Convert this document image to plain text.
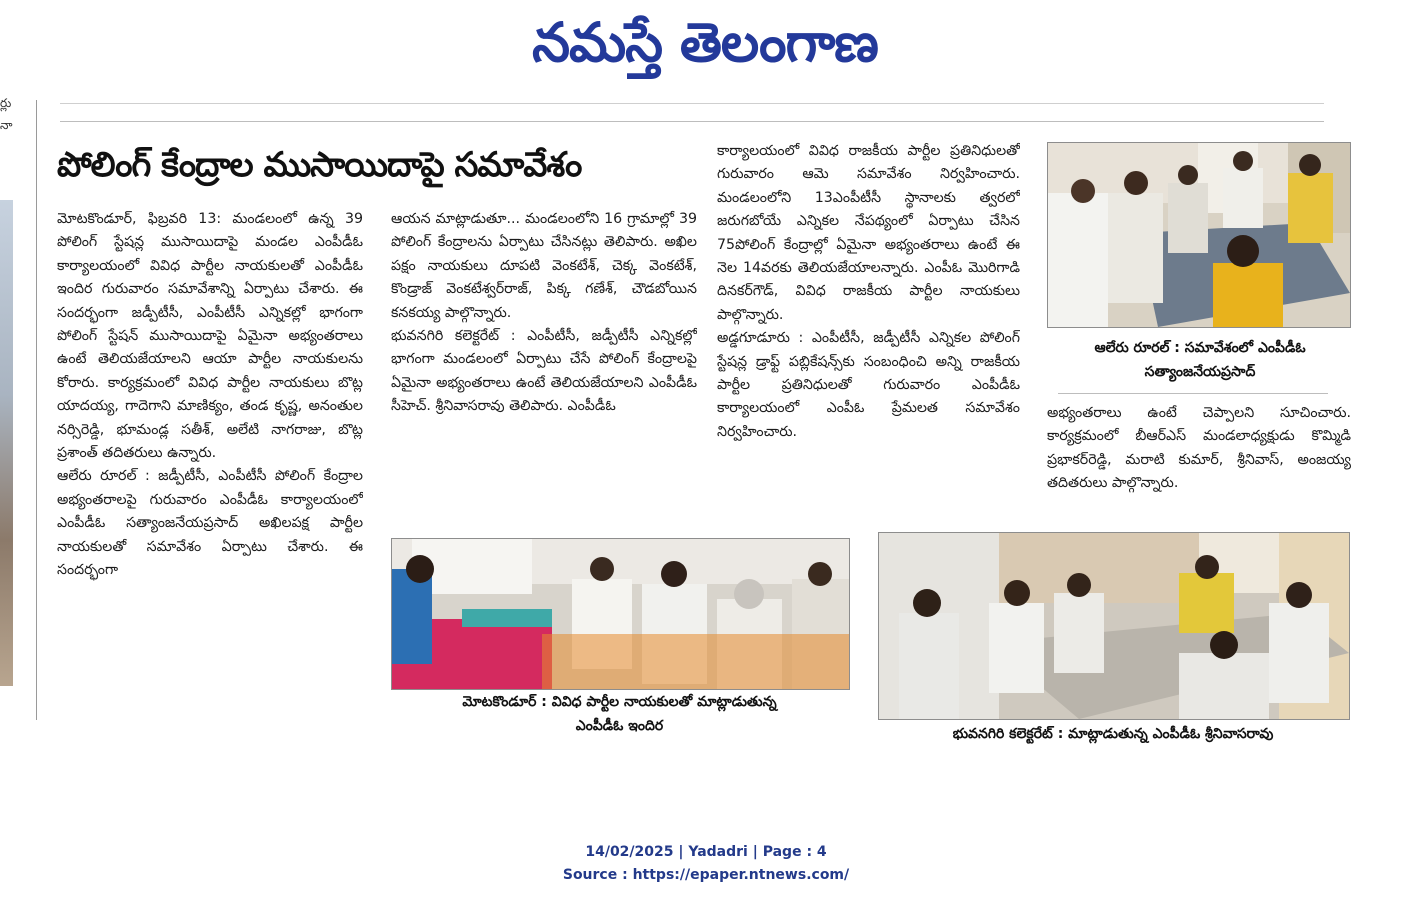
నమస్తే తెలంగాణ
ర్లు
నా
పోలింగ్ కేంద్రాల ముసాయిదాపై సమావేశం

మోటకొండూర్, ఫిబ్రవరి 13: మండలంలో ఉన్న 39 పోలింగ్ స్టేషన్ల ముసాయిదాపై మండల ఎంపీడీఓ కార్యాలయంలో వివిధ పార్టీల నాయకులతో ఎంపీడీఓ ఇందిర గురువారం సమావేశాన్ని ఏర్పాటు చేశారు. ఈ సందర్భంగా జడ్పీటీసీ, ఎంపీటీసీ ఎన్నికల్లో భాగంగా పోలింగ్ స్టేషన్ ముసాయిదాపై ఏమైనా అభ్యంతరాలు ఉంటే తెలియజేయాలని ఆయా పార్టీల నాయకులను కోరారు. కార్యక్రమంలో వివిధ పార్టీల నాయకులు బొట్ల యాదయ్య, గాదెగాని మాణిక్యం, తండ కృష్ణ, అనంతుల నర్సిరెడ్డి, భూమండ్ల సతీశ్, అలేటి నాగరాజు, బొట్ల ప్రశాంత్ తదితరులు ఉన్నారు.

ఆలేరు రూరల్ : జడ్పీటీసీ, ఎంపీటీసీ పోలింగ్ కేంద్రాల అభ్యంతరాలపై గురువారం ఎంపీడీఓ కార్యాలయంలో ఎంపీడీఓ సత్యాంజనేయప్రసాద్ అఖిలపక్ష పార్టీల నాయకులతో సమావేశం ఏర్పాటు చేశారు. ఈ సందర్భంగా

ఆయన మాట్లాడుతూ... మండలంలోని 16 గ్రామాల్లో 39 పోలింగ్ కేంద్రాలను ఏర్పాటు చేసినట్లు తెలిపారు. అఖిల పక్షం నాయకులు దూపటి వెంకటేశ్, చెక్క వెంకటేశ్, కొండ్రాజ్ వెంకటేశ్వర్‌రాజ్, పిక్క గణేశ్, చౌడబోయిన కనకయ్య పాల్గొన్నారు.

భువనగిరి కలెక్టరేట్ : ఎంపీటీసీ, జడ్పీటీసీ ఎన్నికల్లో భాగంగా మండలంలో ఏర్పాటు చేసే పోలింగ్ కేంద్రాలపై ఏమైనా అభ్యంతరాలు ఉంటే తెలియజేయాలని ఎంపీడీఓ సీహెచ్. శ్రీనివాసరావు తెలిపారు. ఎంపీడీఓ

కార్యాలయంలో వివిధ రాజకీయ పార్టీల ప్రతినిధులతో గురువారం ఆమె సమావేశం నిర్వహించారు. మండలంలోని 13ఎంపీటీసీ స్థానాలకు త్వరలో జరుగబోయే ఎన్నికల నేపథ్యంలో ఏర్పాటు చేసిన 75పోలింగ్ కేంద్రాల్లో ఏమైనా అభ్యంతరాలు ఉంటే ఈ నెల 14వరకు తెలియజేయాలన్నారు. ఎంపీఓ మొరిగాడి దినకర్‌గౌడ్, వివిధ రాజకీయ పార్టీల నాయకులు పాల్గొన్నారు.

అడ్డగూడూరు : ఎంపీటీసీ, జడ్పీటీసీ ఎన్నికల పోలింగ్ స్టేషన్ల డ్రాఫ్ట్ పబ్లికేషన్స్‌కు సంబంధించి అన్ని రాజకీయ పార్టీల ప్రతినిధులతో గురువారం ఎంపీడీఓ కార్యాలయంలో ఎంపీఓ ప్రేమలత సమావేశం నిర్వహించారు.

అభ్యంతరాలు ఉంటే చెప్పాలని సూచించారు. కార్యక్రమంలో బీఆర్ఎస్ మండలాధ్యక్షుడు కొమ్మిడి ప్రభాకర్‌రెడ్డి, మరాటి కుమార్, శ్రీనివాస్, అంజయ్య తదితరులు పాల్గొన్నారు.

ఆలేరు రూరల్ : సమావేశంలో ఎంపీడీఓ
సత్యాంజనేయప్రసాద్
మోటకొండూర్ : వివిధ పార్టీల నాయకులతో మాట్లాడుతున్న
ఎంపీడీఓ ఇందిర	భువనగిరి కలెక్టరేట్ : మాట్లాడుతున్న ఎంపీడీఓ శ్రీనివాసరావు
14/02/2025 | Yadadri | Page : 4
Source : https://epaper.ntnews.com/
